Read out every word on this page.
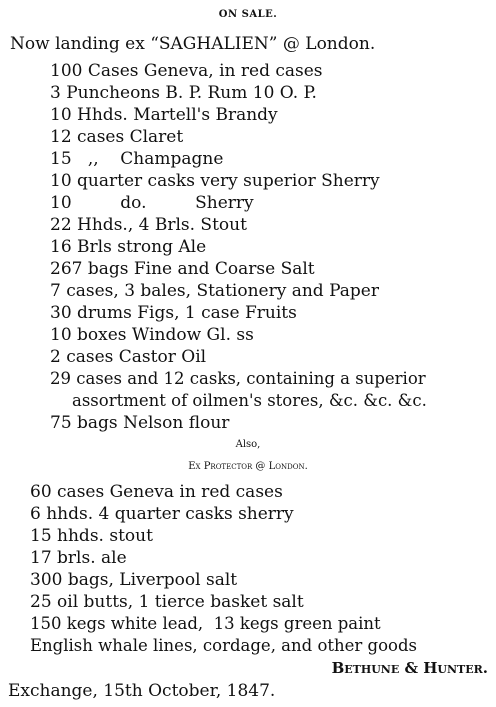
ON SALE.
Now landing ex “SAGHALIEN” @ London.
100 Cases Geneva, in red cases
3 Puncheons B. P. Rum 10 O. P.
10 Hhds. Martell's Brandy
12 cases Claret
15   ,,    Champagne
10 quarter casks very superior Sherry
10         do.         Sherry
22 Hhds., 4 Brls. Stout
16 Brls strong Ale
267 bags Fine and Coarse Salt
7 cases, 3 bales, Stationery and Paper
30 drums Figs, 1 case Fruits
10 boxes Window Gl. ss
2 cases Castor Oil
29 cases and 12 casks, containing a superior
assortment of oilmen's stores, &c. &c. &c.
75 bags Nelson flour
Also,
Ex Protector @ London.
60 cases Geneva in red cases
6 hhds. 4 quarter casks sherry
15 hhds. stout
17 brls. ale
300 bags, Liverpool salt
25 oil butts, 1 tierce basket salt
150 kegs white lead,  13 kegs green paint
English whale lines, cordage, and other goods
Bethune & Hunter.
Exchange, 15th October, 1847.
